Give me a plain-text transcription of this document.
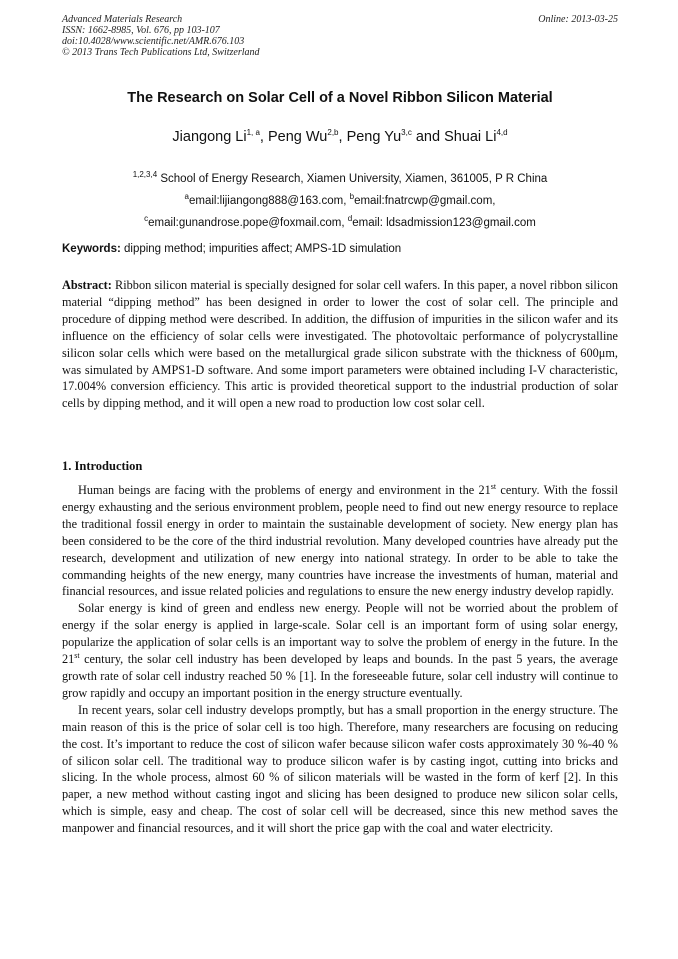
Advanced Materials Research
ISSN: 1662-8985, Vol. 676, pp 103-107
doi:10.4028/www.scientific.net/AMR.676.103
© 2013 Trans Tech Publications Ltd, Switzerland
Online: 2013-03-25
The Research on Solar Cell of a Novel Ribbon Silicon Material
Jiangong Li$^{1, a}$, Peng Wu$^{2,b}$, Peng Yu$^{3,c}$ and Shuai Li$^{4,d}$
$^{1,2,3,4}$ School of Energy Research, Xiamen University, Xiamen, 361005, P R China
$^a$email:lijiangong888@163.com, $^b$email:fnatrcwp@gmail.com,
$^c$email:gunandrose.pope@foxmail.com, $^d$email: ldsadmission123@gmail.com
Keywords: dipping method; impurities affect; AMPS-1D simulation
Abstract: Ribbon silicon material is specially designed for solar cell wafers. In this paper, a novel ribbon silicon material “dipping method” has been designed in order to lower the cost of solar cell. The principle and procedure of dipping method were described. In addition, the diffusion of impurities in the silicon wafer and its influence on the efficiency of solar cells were investigated. The photovoltaic performance of polycrystalline silicon solar cells which were based on the metallurgical grade silicon substrate with the thickness of 600μm, was simulated by AMPS1-D software. And some import parameters were obtained including I-V characteristic, 17.004% conversion efficiency. This artic is provided theoretical support to the industrial production of solar cells by dipping method, and it will open a new road to production low cost solar cell.
1. Introduction

Human beings are facing with the problems of energy and environment in the 21st century. With the fossil energy exhausting and the serious environment problem, people need to find out new energy resource to replace the traditional fossil energy in order to maintain the sustainable development of society. New energy plan has been considered to be the core of the third industrial revolution. Many developed countries have already put the research, development and utilization of new energy into national strategy. In order to be able to take the commanding heights of the new energy, many countries have increase the investments of human, material and financial resources, and issue related policies and regulations to ensure the new energy industry develop rapidly.

Solar energy is kind of green and endless new energy. People will not be worried about the problem of energy if the solar energy is applied in large-scale. Solar cell is an important form of using solar energy, popularize the application of solar cells is an important way to solve the problem of energy in the future. In the 21st century, the solar cell industry has been developed by leaps and bounds. In the past 5 years, the average growth rate of solar cell industry reached 50 % [1]. In the foreseeable future, solar cell industry will continue to grow rapidly and occupy an important position in the energy structure eventually.

In recent years, solar cell industry develops promptly, but has a small proportion in the energy structure. The main reason of this is the price of solar cell is too high. Therefore, many researchers are focusing on reducing the cost. It’s important to reduce the cost of silicon wafer because silicon wafer costs approximately 30 %-40 % of silicon solar cell. The traditional way to produce silicon wafer is by casting ingot, cutting into bricks and slicing. In the whole process, almost 60 % of silicon materials will be wasted in the form of kerf [2]. In this paper, a new method without casting ingot and slicing has been designed to produce new silicon solar cells, which is simple, easy and cheap. The cost of solar cell will be decreased, since this new method saves the manpower and financial resources, and it will short the price gap with the coal and water electricity.
